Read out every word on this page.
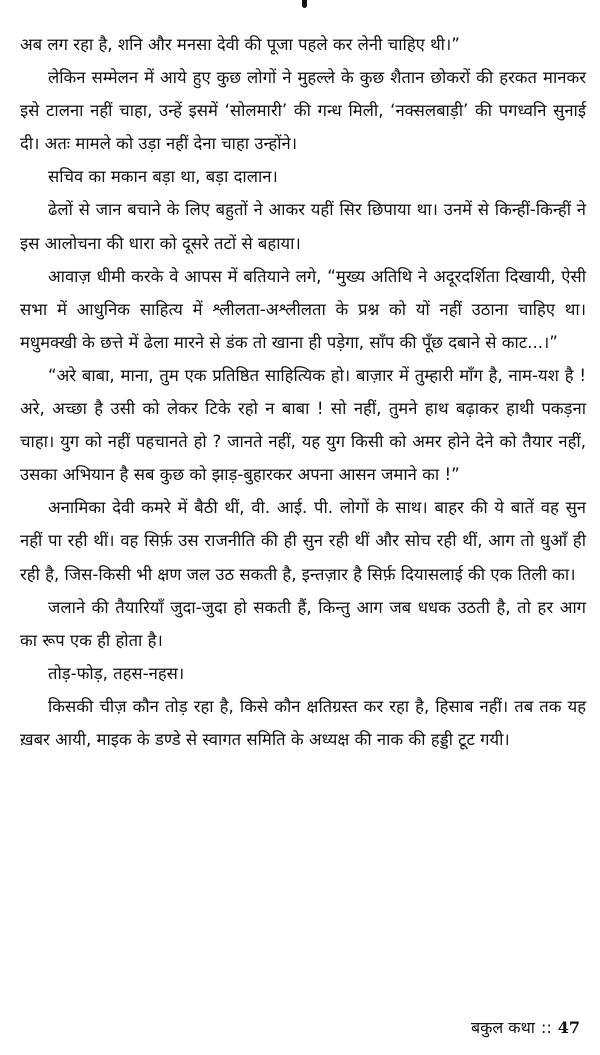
अब लग रहा है, शनि और मनसा देवी की पूजा पहले कर लेनी चाहिए थी।”

लेकिन सम्मेलन में आये हुए कुछ लोगों ने मुहल्ले के कुछ शैतान छोकरों की हरकत मानकर इसे टालना नहीं चाहा, उन्हें इसमें ‘सोलमारी’ की गन्ध मिली, ‘नक्सलबाड़ी’ की पगध्वनि सुनाई दी। अतः मामले को उड़ा नहीं देना चाहा उन्होंने।

सचिव का मकान बड़ा था, बड़ा दालान।

ढेलों से जान बचाने के लिए बहुतों ने आकर यहीं सिर छिपाया था। उनमें से किन्हीं-किन्हीं ने इस आलोचना की धारा को दूसरे तटों से बहाया।

आवाज़ धीमी करके वे आपस में बतियाने लगे, “मुख्य अतिथि ने अदूरदर्शिता दिखायी, ऐसी सभा में आधुनिक साहित्य में श्लीलता-अश्लीलता के प्रश्न को यों नहीं उठाना चाहिए था। मधुमक्खी के छत्ते में ढेला मारने से डंक तो खाना ही पड़ेगा, साँप की पूँछ दबाने से काट...।”

“अरे बाबा, माना, तुम एक प्रतिष्ठित साहित्यिक हो। बाज़ार में तुम्हारी माँग है, नाम-यश है ! अरे, अच्छा है उसी को लेकर टिके रहो न बाबा ! सो नहीं, तुमने हाथ बढ़ाकर हाथी पकड़ना चाहा। युग को नहीं पहचानते हो ? जानते नहीं, यह युग किसी को अमर होने देने को तैयार नहीं, उसका अभियान है सब कुछ को झाड़-बुहारकर अपना आसन जमाने का !”

अनामिका देवी कमरे में बैठी थीं, वी. आई. पी. लोगों के साथ। बाहर की ये बातें वह सुन नहीं पा रही थीं। वह सिर्फ़ उस राजनीति की ही सुन रही थीं और सोच रही थीं, आग तो धुआँ ही रही है, जिस-किसी भी क्षण जल उठ सकती है, इन्तज़ार है सिर्फ़ दियासलाई की एक तिली का।

जलाने की तैयारियाँ जुदा-जुदा हो सकती हैं, किन्तु आग जब धधक उठती है, तो हर आग का रूप एक ही होता है।

तोड़-फोड़, तहस-नहस।

किसकी चीज़ कौन तोड़ रहा है, किसे कौन क्षतिग्रस्त कर रहा है, हिसाब नहीं। तब तक यह ख़बर आयी, माइक के डण्डे से स्वागत समिति के अध्यक्ष की नाक की हड्डी टूट गयी।

बकुल कथा :: 47
